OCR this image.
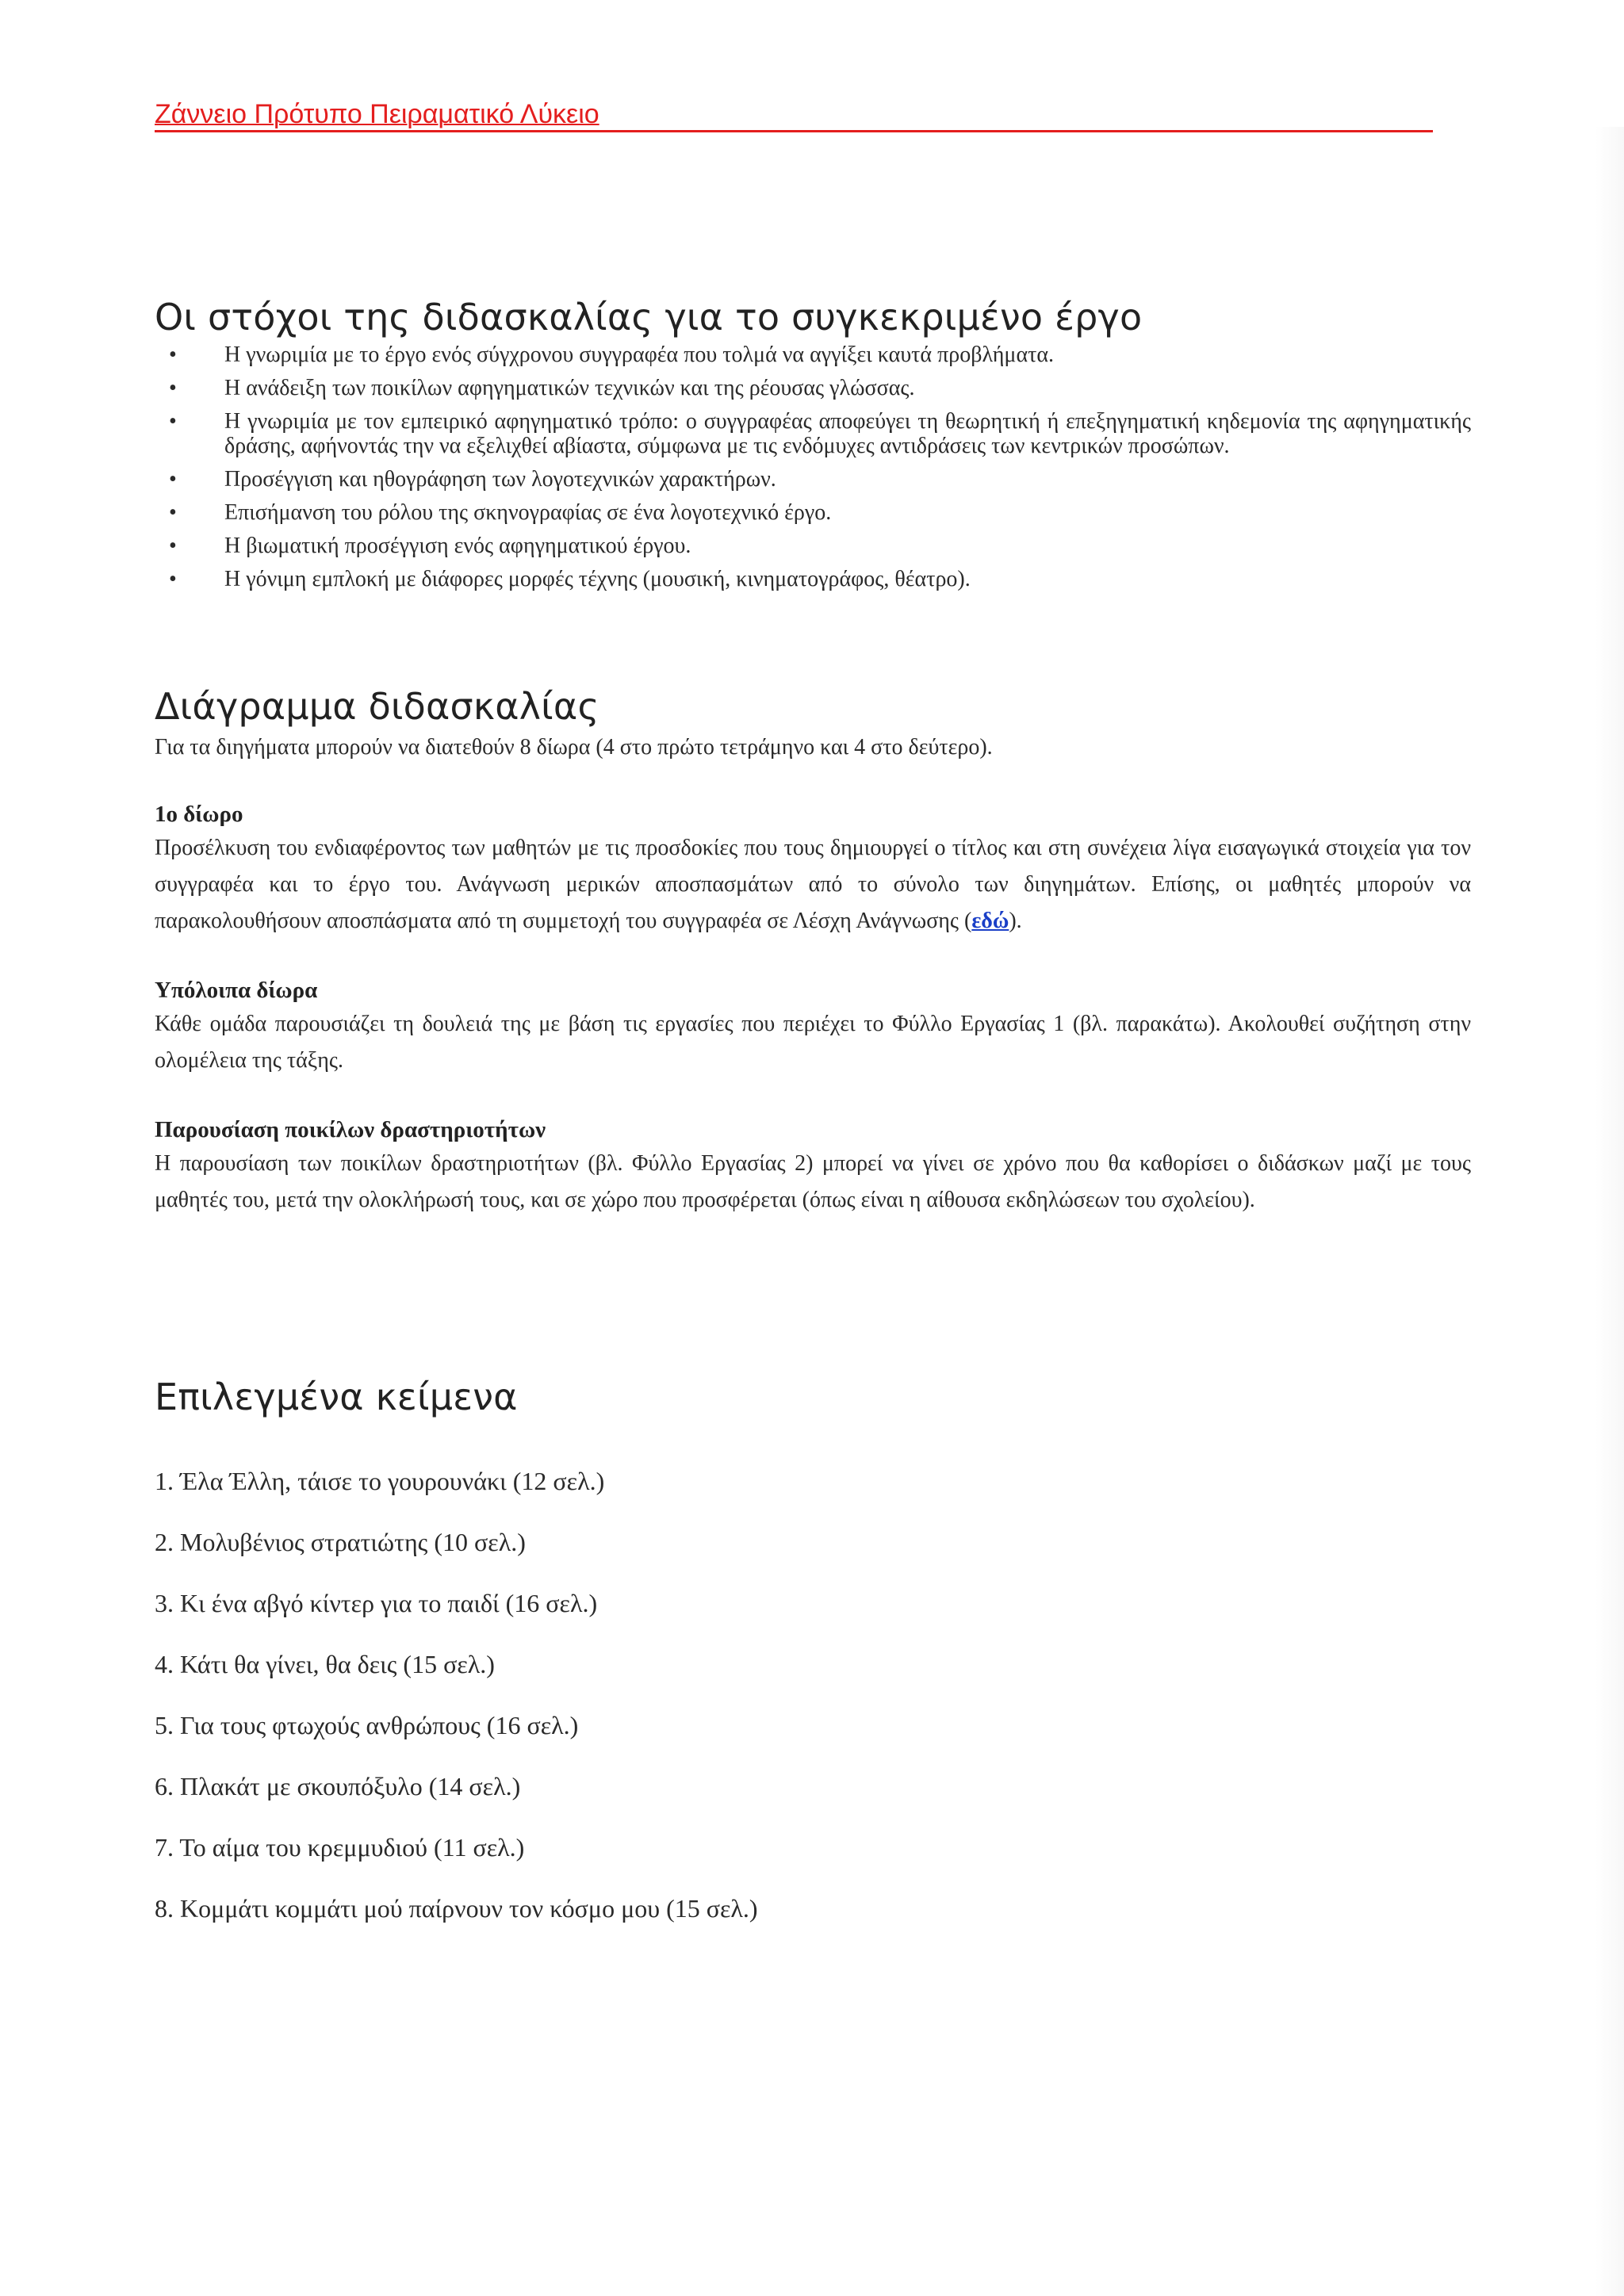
Ζάννειο Πρότυπο Πειραματικό Λύκειο
Οι στόχοι της διδασκαλίας για το συγκεκριμένο έργο
• Η γνωριμία με το έργο ενός σύγχρονου συγγραφέα που τολμά να αγγίξει καυτά προβλήματα.
• Η ανάδειξη των ποικίλων αφηγηματικών τεχνικών και της ρέουσας γλώσσας.
• Η γνωριμία με τον εμπειρικό αφηγηματικό τρόπο: ο συγγραφέας αποφεύγει τη θεωρητική ή επεξηγηματική κηδεμονία της αφηγηματικής δράσης, αφήνοντάς την να εξελιχθεί αβίαστα, σύμφωνα με τις ενδόμυχες αντιδράσεις των κεντρικών προσώπων.
• Προσέγγιση και ηθογράφηση των λογοτεχνικών χαρακτήρων.
• Επισήμανση του ρόλου της σκηνογραφίας σε ένα λογοτεχνικό έργο.
• Η βιωματική προσέγγιση ενός αφηγηματικού έργου.
• Η γόνιμη εμπλοκή με διάφορες μορφές τέχνης (μουσική, κινηματογράφος, θέατρο).
Διάγραμμα διδασκαλίας
Για τα διηγήματα μπορούν να διατεθούν 8 δίωρα (4 στο πρώτο τετράμηνο και 4 στο δεύτερο).
1ο δίωρο

Προσέλκυση του ενδιαφέροντος των μαθητών με τις προσδοκίες που τους δημιουργεί ο τίτλος και στη συνέχεια λίγα εισαγωγικά στοιχεία για τον συγγραφέα και το έργο του. Ανάγνωση μερικών αποσπασμάτων από το σύνολο των διηγημάτων. Επίσης, οι μαθητές μπορούν να παρακολουθήσουν αποσπάσματα από τη συμμετοχή του συγγραφέα σε Λέσχη Ανάγνωσης (εδώ).

Υπόλοιπα δίωρα

Κάθε ομάδα παρουσιάζει τη δουλειά της με βάση τις εργασίες που περιέχει το Φύλλο Εργασίας 1 (βλ. παρακάτω). Ακολουθεί συζήτηση στην ολομέλεια της τάξης.

Παρουσίαση ποικίλων δραστηριοτήτων

Η παρουσίαση των ποικίλων δραστηριοτήτων (βλ. Φύλλο Εργασίας 2) μπορεί να γίνει σε χρόνο που θα καθορίσει ο διδάσκων μαζί με τους μαθητές του, μετά την ολοκλήρωσή τους, και σε χώρο που προσφέρεται (όπως είναι η αίθουσα εκδηλώσεων του σχολείου).

Επιλεγμένα κείμενα
1. Έλα Έλλη, τάισε το γουρουνάκι (12 σελ.)
2. Μολυβένιος στρατιώτης (10 σελ.)
3. Κι ένα αβγό κίντερ για το παιδί (16 σελ.)
4. Κάτι θα γίνει, θα δεις (15 σελ.)
5. Για τους φτωχούς ανθρώπους (16 σελ.)
6. Πλακάτ με σκουπόξυλο (14 σελ.)
7. Το αίμα του κρεμμυδιού (11 σελ.)
8. Κομμάτι κομμάτι μού παίρνουν τον κόσμο μου (15 σελ.)
